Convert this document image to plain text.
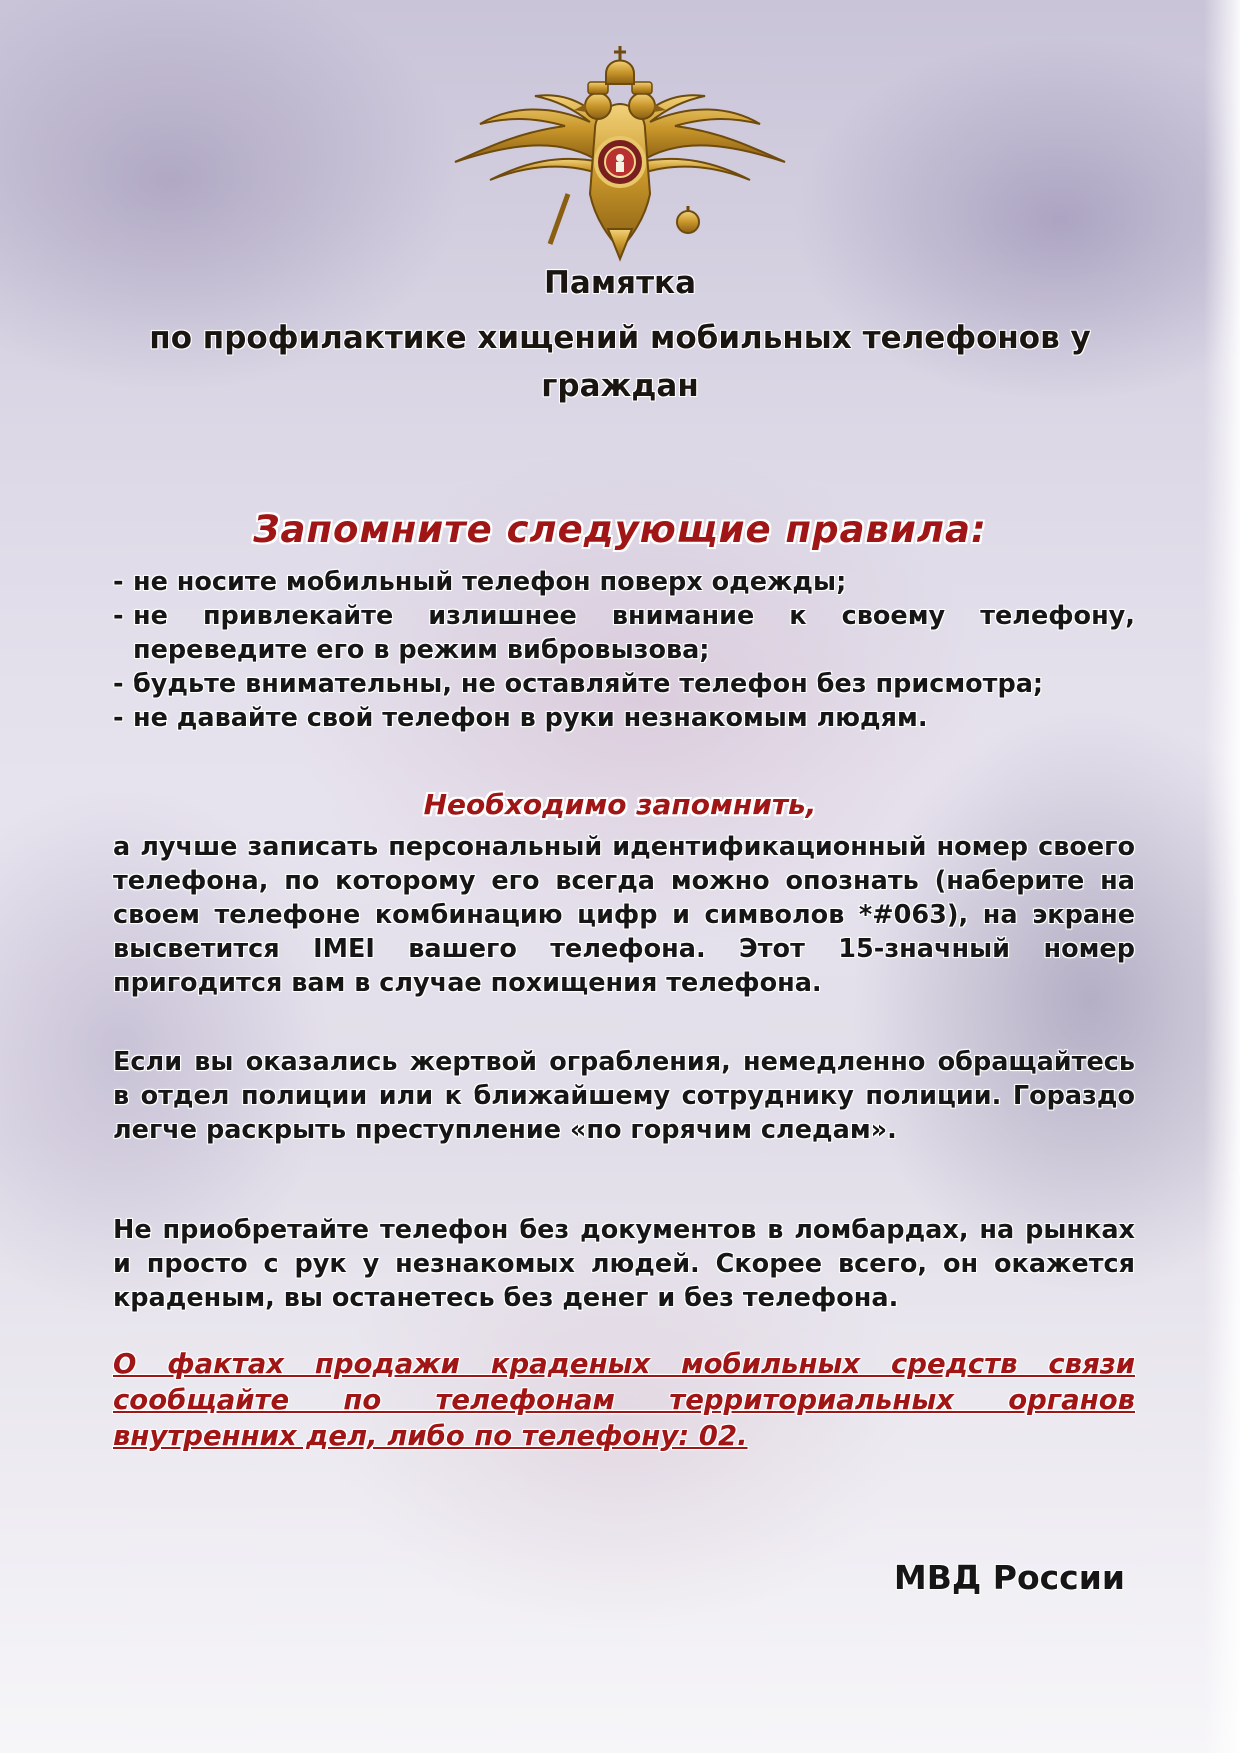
Памятка
по профилактике хищений мобильных телефонов у
граждан
Запомните следующие правила:
- не носите мобильный телефон поверх одежды;
- не привлекайте излишнее внимание к своему телефону, переведите его в режим вибровызова;
- будьте внимательны, не оставляйте телефон без присмотра;
- не давайте свой телефон в руки незнакомым людям.
Необходимо запомнить,
а лучше записать персональный идентификационный номер своего телефона, по которому его всегда можно опознать (наберите на своем телефоне комбинацию цифр и символов *#063), на экране высветится IMEI вашего телефона. Этот 15-значный номер пригодится вам в случае похищения телефона.
Если вы оказались жертвой ограбления, немедленно обращайтесь в отдел полиции или к ближайшему сотруднику полиции. Гораздо легче раскрыть преступление «по горячим следам».
Не приобретайте телефон без документов в ломбардах, на рынках и просто с рук у незнакомых людей. Скорее всего, он окажется краденым, вы останетесь без денег и без телефона.
О фактах продажи краденых мобильных средств связи сообщайте по телефонам территориальных органов внутренних дел, либо по телефону: 02.
МВД России
